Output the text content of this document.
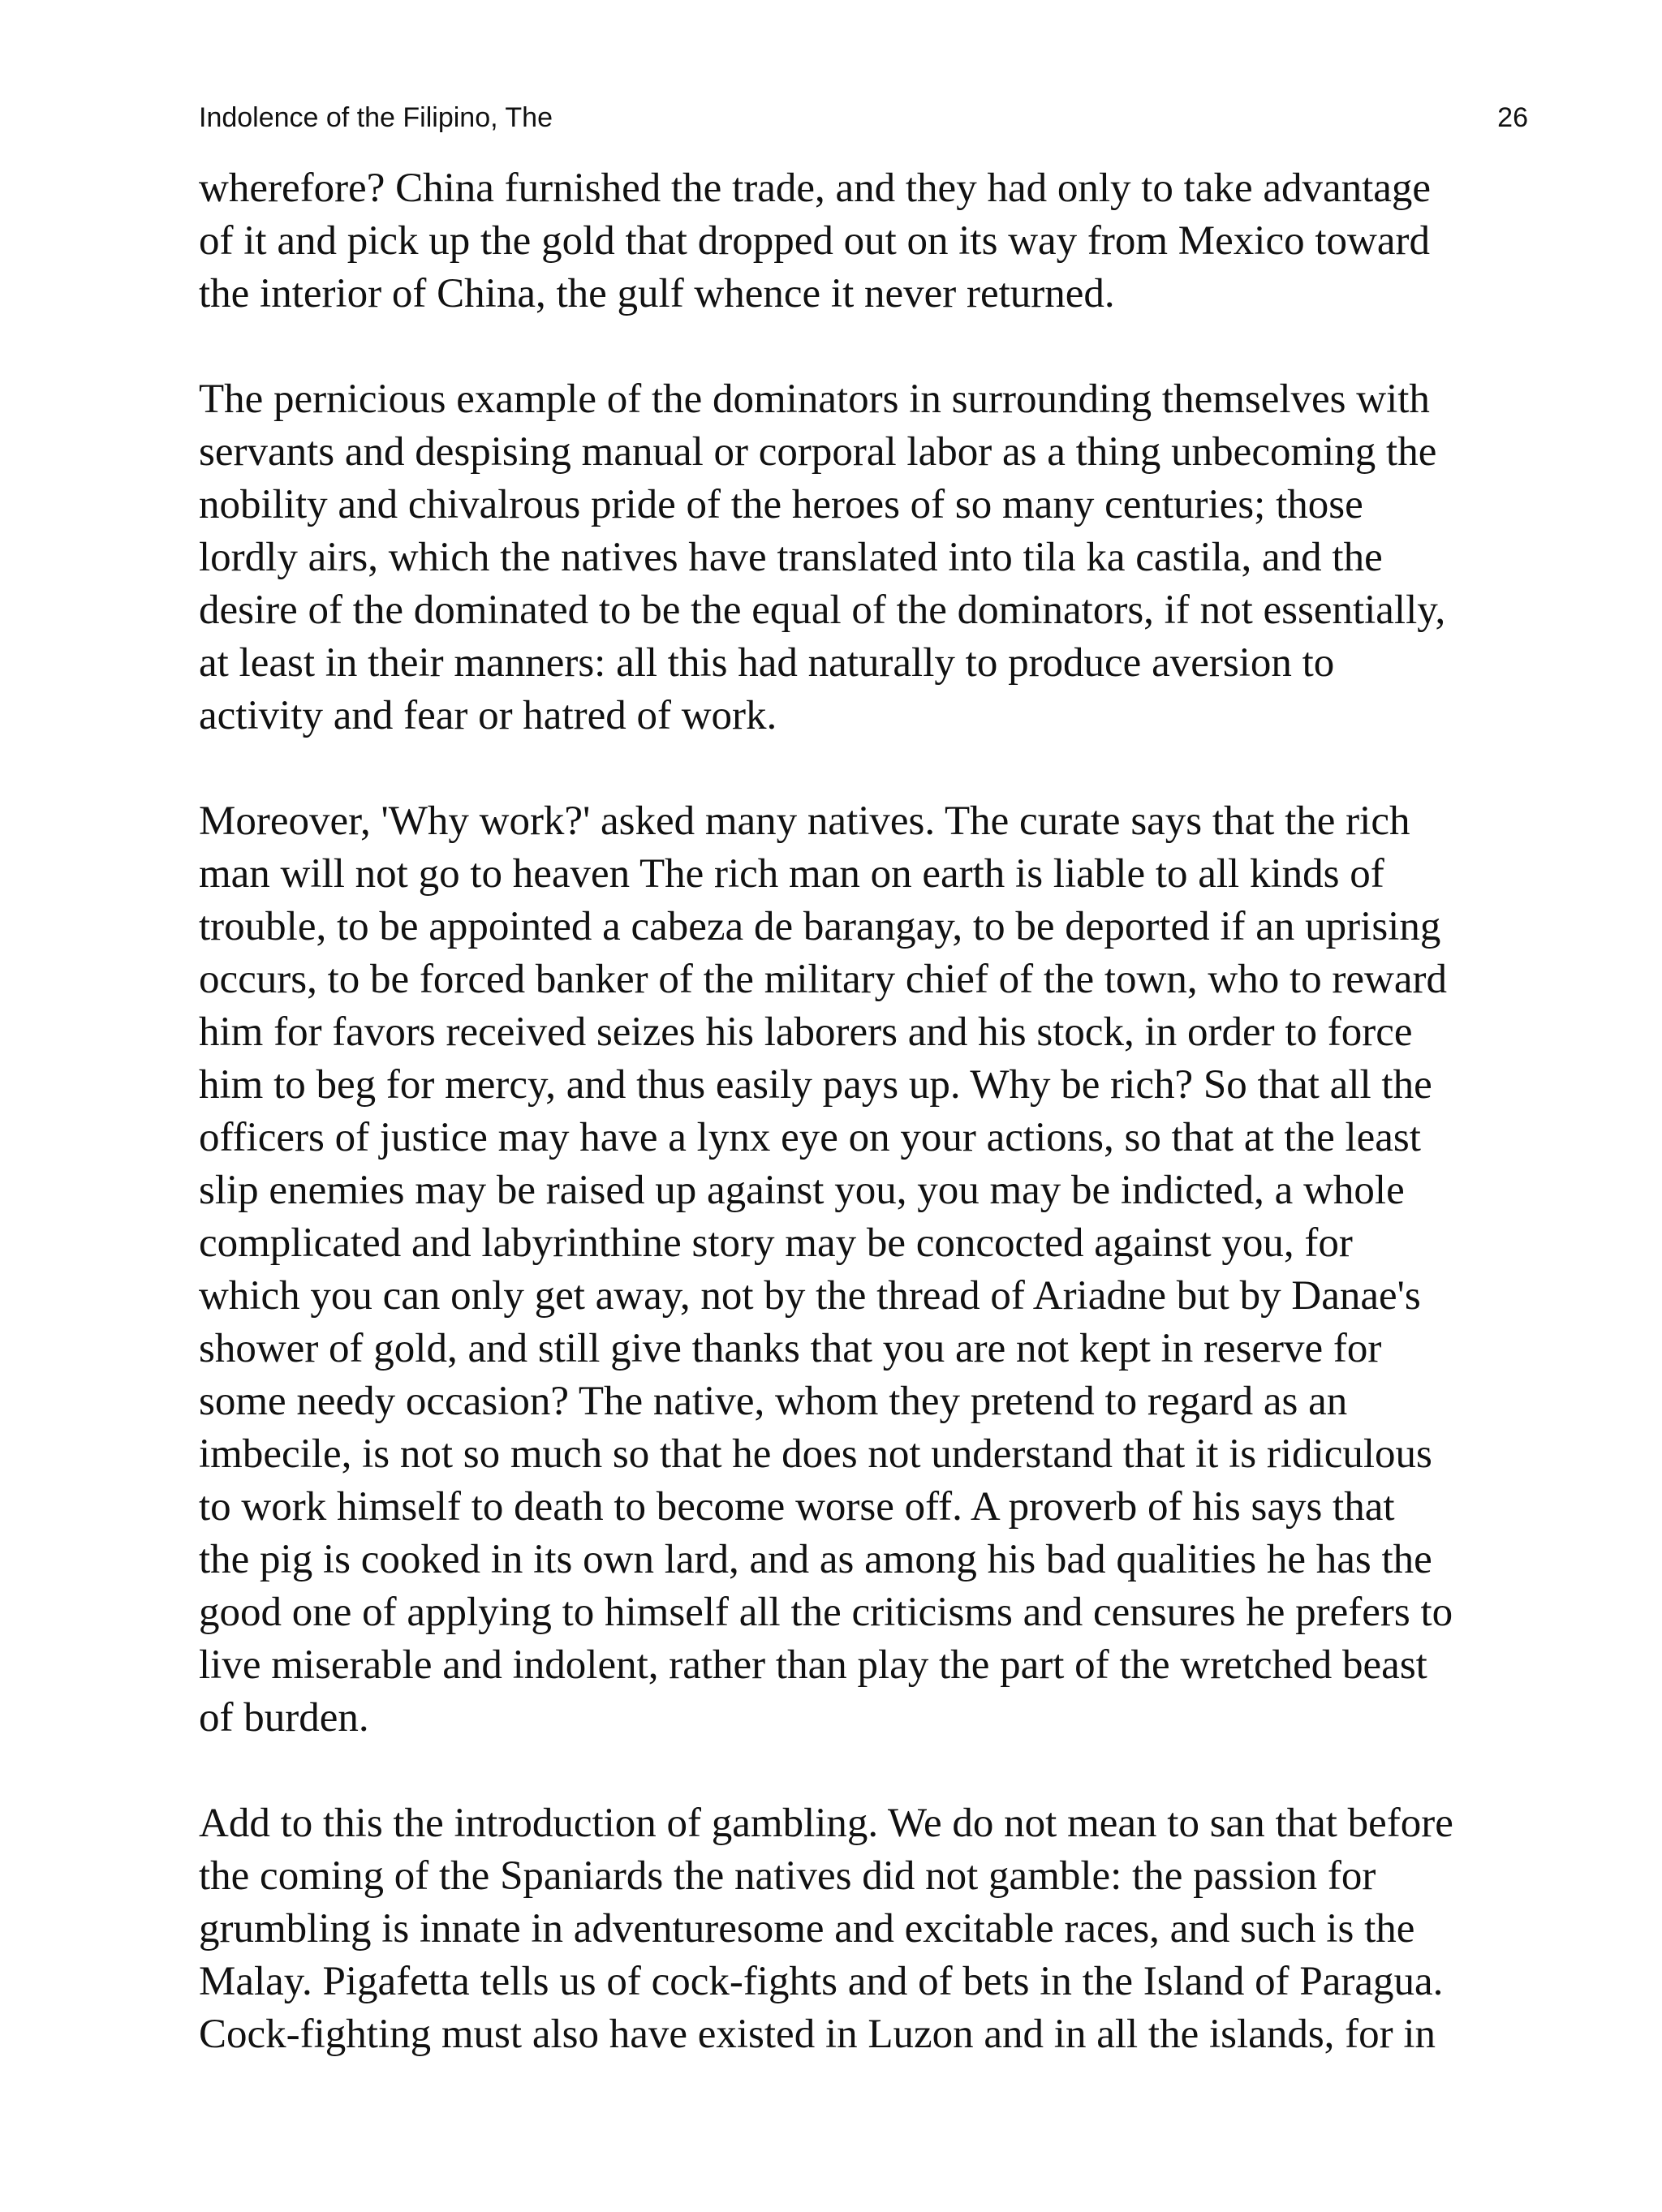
Indolence of the Filipino, The	26
wherefore? China furnished the trade, and they had only to take advantage
of it and pick up the gold that dropped out on its way from Mexico toward
the interior of China, the gulf whence it never returned.
The pernicious example of the dominators in surrounding themselves with
servants and despising manual or corporal labor as a thing unbecoming the
nobility and chivalrous pride of the heroes of so many centuries; those
lordly airs, which the natives have translated into tila ka castila, and the
desire of the dominated to be the equal of the dominators, if not essentially,
at least in their manners: all this had naturally to produce aversion to
activity and fear or hatred of work.
Moreover, 'Why work?' asked many natives. The curate says that the rich
man will not go to heaven The rich man on earth is liable to all kinds of
trouble, to be appointed a cabeza de barangay, to be deported if an uprising
occurs, to be forced banker of the military chief of the town, who to reward
him for favors received seizes his laborers and his stock, in order to force
him to beg for mercy, and thus easily pays up. Why be rich? So that all the
officers of justice may have a lynx eye on your actions, so that at the least
slip enemies may be raised up against you, you may be indicted, a whole
complicated and labyrinthine story may be concocted against you, for
which you can only get away, not by the thread of Ariadne but by Danae's
shower of gold, and still give thanks that you are not kept in reserve for
some needy occasion? The native, whom they pretend to regard as an
imbecile, is not so much so that he does not understand that it is ridiculous
to work himself to death to become worse off. A proverb of his says that
the pig is cooked in its own lard, and as among his bad qualities he has the
good one of applying to himself all the criticisms and censures he prefers to
live miserable and indolent, rather than play the part of the wretched beast
of burden.
Add to this the introduction of gambling. We do not mean to san that before
the coming of the Spaniards the natives did not gamble: the passion for
grumbling is innate in adventuresome and excitable races, and such is the
Malay. Pigafetta tells us of cock-fights and of bets in the Island of Paragua.
Cock-fighting must also have existed in Luzon and in all the islands, for in
